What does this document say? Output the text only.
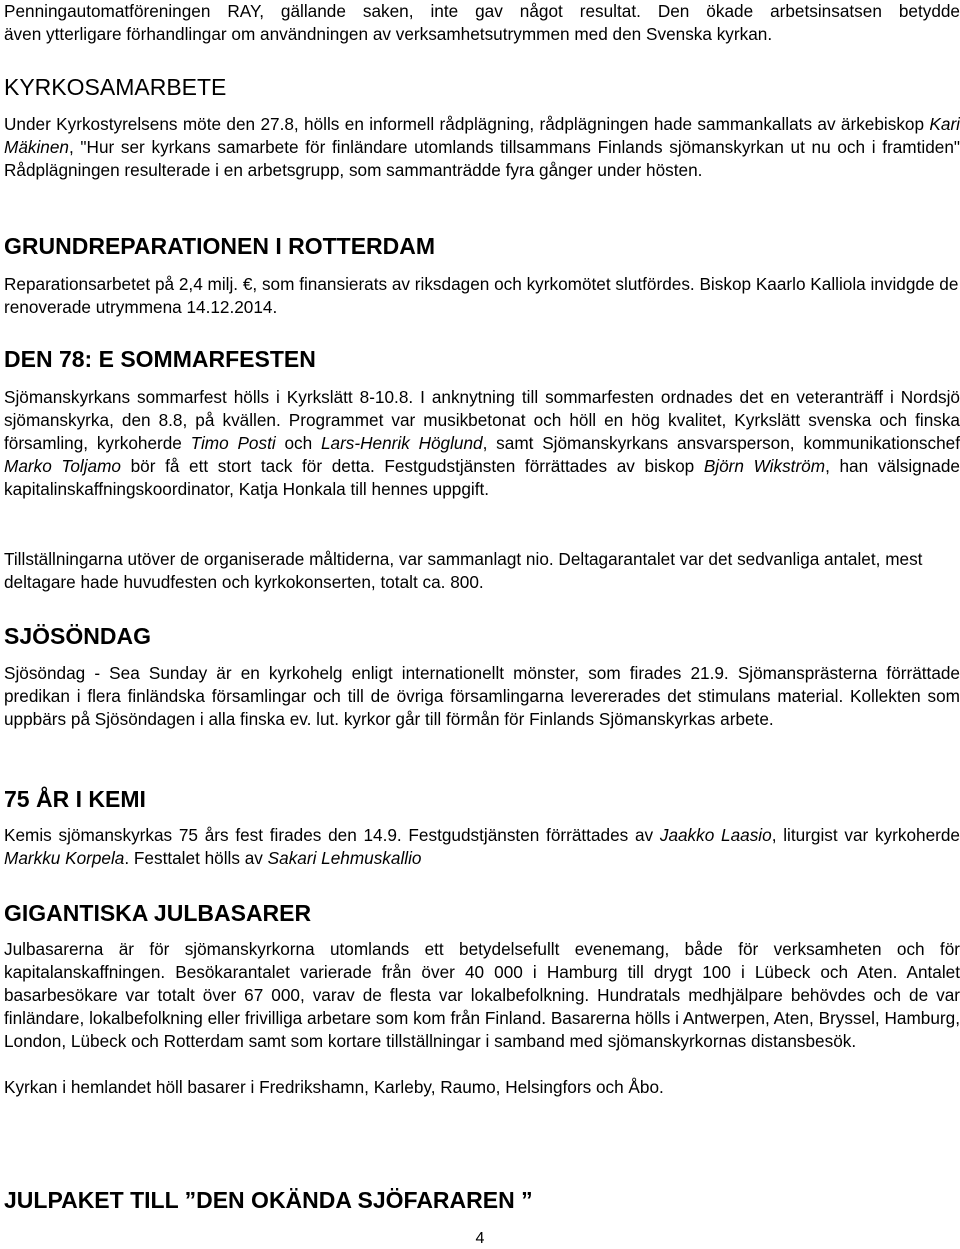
Penningautomatföreningen RAY, gällande saken, inte gav något resultat. Den ökade arbetsinsatsen betydde

även ytterligare förhandlingar om användningen av verksamhetsutrymmen med den Svenska kyrkan.

KYRKOSAMARBETE

Under Kyrkostyrelsens möte den 27.8, hölls en informell rådplägning, rådplägningen hade sammankallats av ärkebiskop Kari Mäkinen, "Hur ser kyrkans samarbete för finländare utomlands tillsammans Finlands sjömanskyrkan ut nu och i framtiden" Rådplägningen resulterade i en arbetsgrupp, som sammanträdde fyra gånger under hösten.

GRUNDREPARATIONEN I ROTTERDAM

Reparationsarbetet på 2,4 milj. €, som finansierats av riksdagen och kyrkomötet slutfördes. Biskop Kaarlo Kalliola invidgde de renoverade utrymmena 14.12.2014.

DEN 78: E SOMMARFESTEN

Sjömanskyrkans sommarfest hölls i Kyrkslätt 8-10.8. I anknytning till sommarfesten ordnades det en veteranträff i Nordsjö sjömanskyrka, den 8.8, på kvällen. Programmet var musikbetonat och höll en hög kvalitet, Kyrkslätt svenska och finska församling, kyrkoherde Timo Posti och Lars-Henrik Höglund, samt Sjömanskyrkans ansvarsperson, kommunikationschef Marko Toljamo bör få ett stort tack för detta. Festgudstjänsten förrättades av biskop Björn Wikström, han välsignade kapitalinskaffningskoordinator, Katja Honkala till hennes uppgift.

Tillställningarna utöver de organiserade måltiderna, var sammanlagt nio. Deltagarantalet var det sedvanliga antalet, mest deltagare hade huvudfesten och kyrkokonserten, totalt ca. 800.

SJÖSÖNDAG

Sjösöndag - Sea Sunday är en kyrkohelg enligt internationellt mönster, som firades 21.9. Sjömansprästerna förrättade predikan i flera finländska församlingar och till de övriga församlingarna levererades det stimulans material. Kollekten som uppbärs på Sjösöndagen i alla finska ev. lut. kyrkor går till förmån för Finlands Sjömanskyrkas arbete.

75 ÅR I KEMI

Kemis sjömanskyrkas 75 års fest firades den 14.9. Festgudstjänsten förrättades av Jaakko Laasio, liturgist var kyrkoherde Markku Korpela. Festtalet hölls av Sakari Lehmuskallio

GIGANTISKA JULBASARER

Julbasarerna är för sjömanskyrkorna utomlands ett betydelsefullt evenemang, både för verksamheten och för kapitalanskaffningen. Besökarantalet varierade från över 40 000 i Hamburg till drygt 100 i Lübeck och Aten. Antalet basarbesökare var totalt över 67 000, varav de flesta var lokalbefolkning. Hundratals medhjälpare behövdes och de var finländare, lokalbefolkning eller frivilliga arbetare som kom från Finland. Basarerna hölls i Antwerpen, Aten, Bryssel, Hamburg, London, Lübeck och Rotterdam samt som kortare tillställningar i samband med sjömanskyrkornas distansbesök.

Kyrkan i hemlandet höll basarer i Fredrikshamn, Karleby, Raumo, Helsingfors och Åbo.

JULPAKET TILL ”DEN OKÄNDA SJÖFARAREN ”
4
